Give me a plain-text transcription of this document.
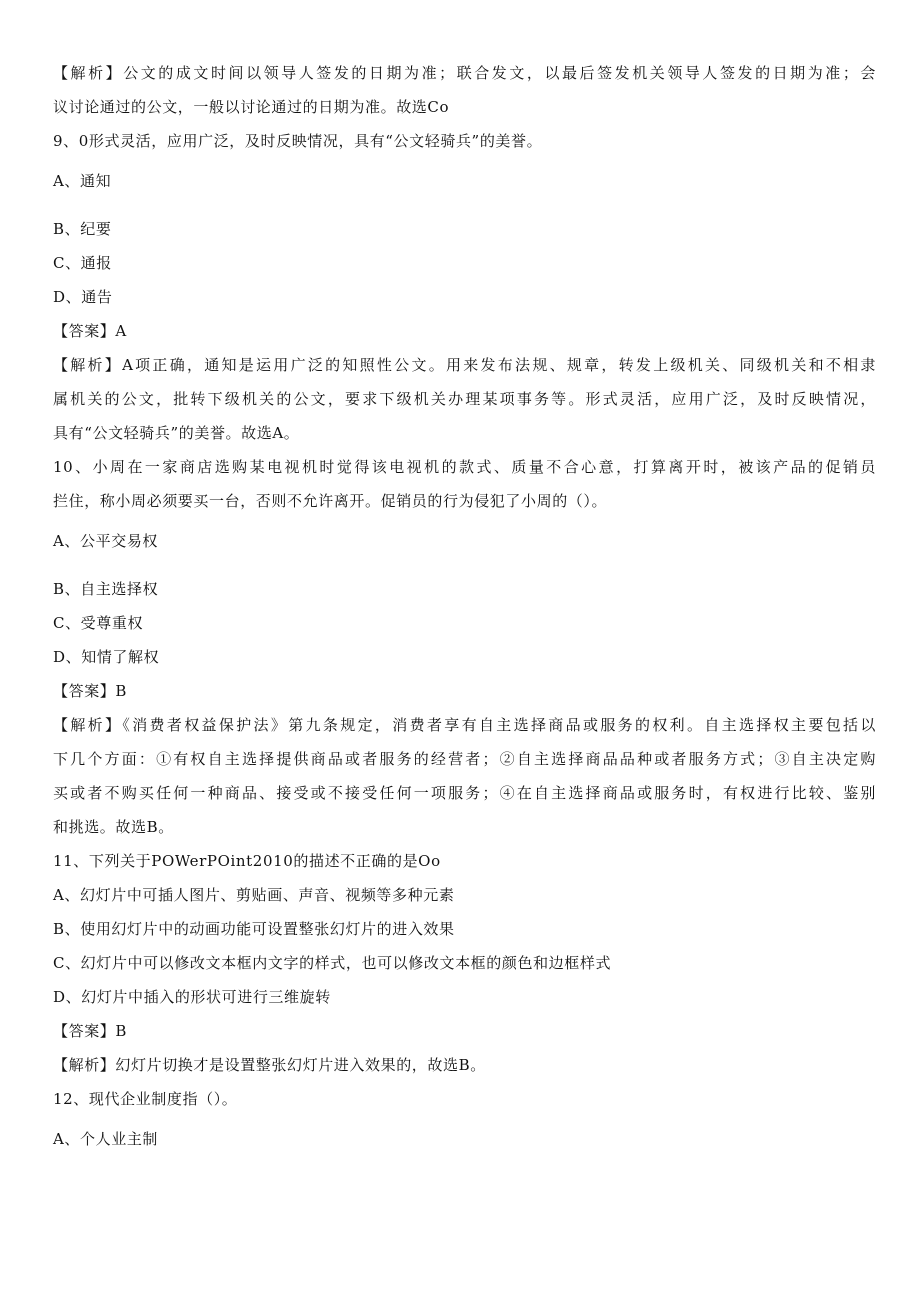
【解析】公文的成文时间以领导人签发的日期为准；联合发文，以最后签发机关领导人签发的日期为准；会
议讨论通过的公文，一般以讨论通过的日期为准。故选Co
9、0形式灵活，应用广泛，及时反映情况，具有“公文轻骑兵”的美誉。
A、通知
B、纪要
C、通报
D、通告
【答案】A
【解析】A项正确，通知是运用广泛的知照性公文。用来发布法规、规章，转发上级机关、同级机关和不相隶
属机关的公文，批转下级机关的公文，要求下级机关办理某项事务等。形式灵活，应用广泛，及时反映情况，
具有“公文轻骑兵”的美誉。故选A。
10、小周在一家商店选购某电视机时觉得该电视机的款式、质量不合心意，打算离开时，被该产品的促销员
拦住，称小周必须要买一台，否则不允许离开。促销员的行为侵犯了小周的（）。
A、公平交易权
B、自主选择权
C、受尊重权
D、知情了解权
【答案】B
【解析】《消费者权益保护法》第九条规定，消费者享有自主选择商品或服务的权利。自主选择权主要包括以
下几个方面：①有权自主选择提供商品或者服务的经营者；②自主选择商品品种或者服务方式；③自主决定购
买或者不购买任何一种商品、接受或不接受任何一项服务；④在自主选择商品或服务时，有权进行比较、鉴别
和挑选。故选B。
11、下列关于POWerPOint2010的描述不正确的是Oo
A、幻灯片中可插人图片、剪贴画、声音、视频等多种元素
B、使用幻灯片中的动画功能可设置整张幻灯片的进入效果
C、幻灯片中可以修改文本框内文字的样式，也可以修改文本框的颜色和边框样式
D、幻灯片中插入的形状可进行三维旋转
【答案】B
【解析】幻灯片切换才是设置整张幻灯片进入效果的，故选B。
12、现代企业制度指（）。
A、个人业主制
